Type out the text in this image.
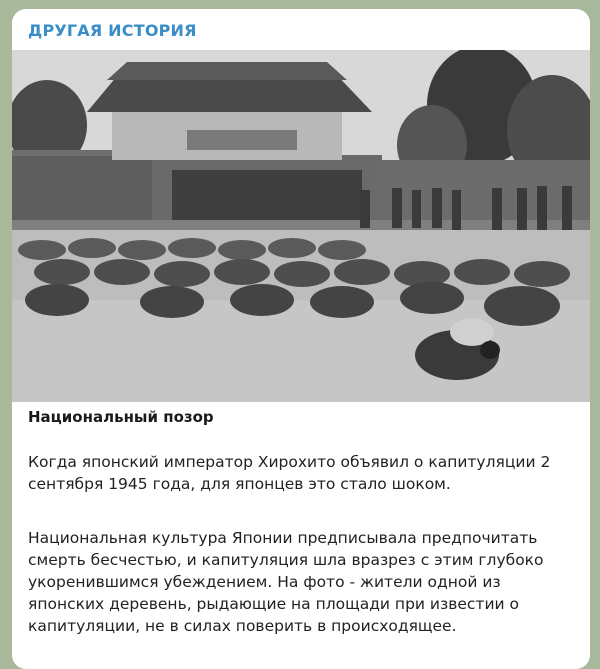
ДРУГАЯ ИСТОРИЯ
Национальный позор
Когда японский император Хирохито объявил о капитуляции 2 сентября 1945 года, для японцев это стало шоком.
Национальная культура Японии предписывала предпочитать смерть бесчестью, и капитуляция шла вразрез с этим глубоко укоренившимся убеждением. На фото - жители одной из японских деревень, рыдающие на площади при известии о капитуляции, не в силах поверить в происходящее.
